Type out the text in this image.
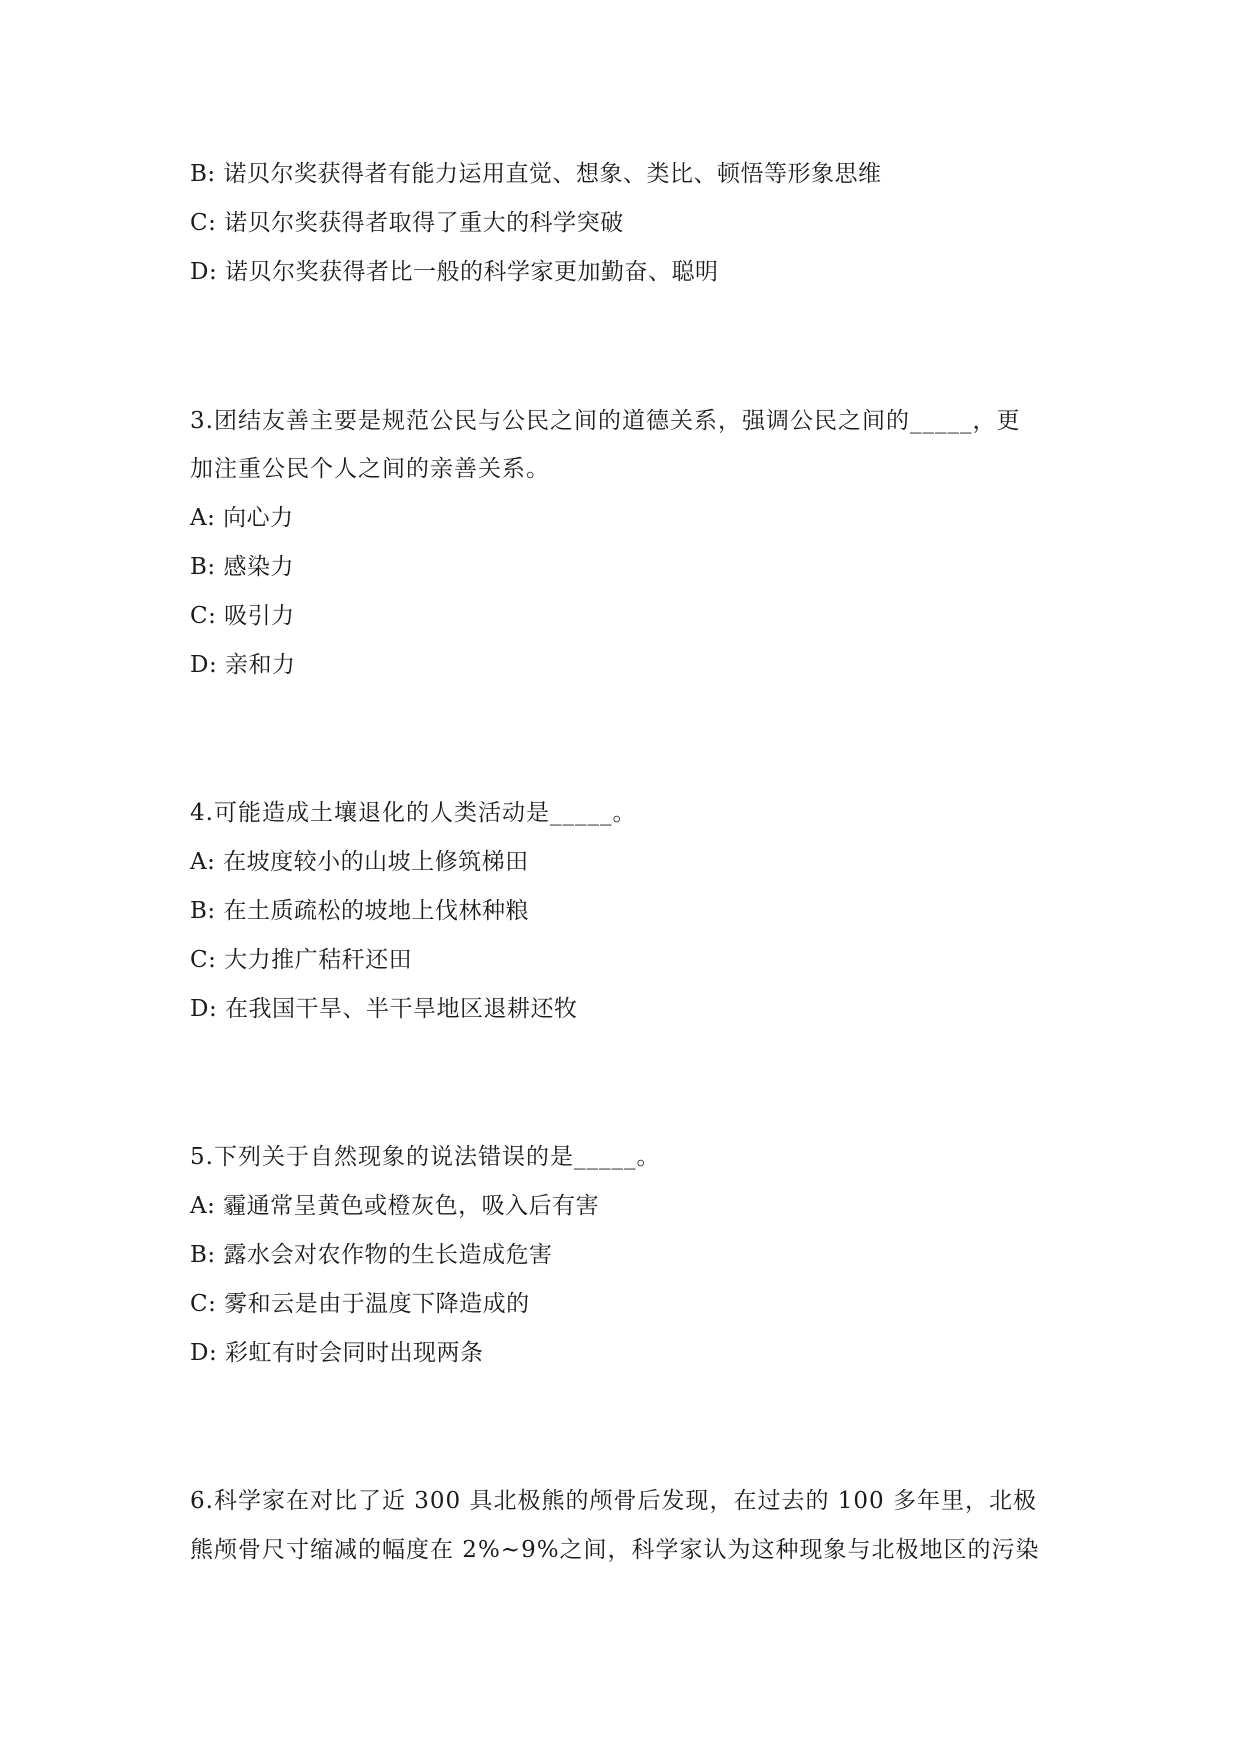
B: 诺贝尔奖获得者有能力运用直觉、想象、类比、顿悟等形象思维
C: 诺贝尔奖获得者取得了重大的科学突破
D: 诺贝尔奖获得者比一般的科学家更加勤奋、聪明
3.团结友善主要是规范公民与公民之间的道德关系，强调公民之间的_____，更
加注重公民个人之间的亲善关系。
A: 向心力
B: 感染力
C: 吸引力
D: 亲和力
4.可能造成土壤退化的人类活动是_____。
A: 在坡度较小的山坡上修筑梯田
B: 在土质疏松的坡地上伐林种粮
C: 大力推广秸秆还田
D: 在我国干旱、半干旱地区退耕还牧
5.下列关于自然现象的说法错误的是_____。
A: 霾通常呈黄色或橙灰色，吸入后有害
B: 露水会对农作物的生长造成危害
C: 雾和云是由于温度下降造成的
D: 彩虹有时会同时出现两条
6.科学家在对比了近 300 具北极熊的颅骨后发现，在过去的 100 多年里，北极
熊颅骨尺寸缩减的幅度在 2%~9%之间，科学家认为这种现象与北极地区的污染
